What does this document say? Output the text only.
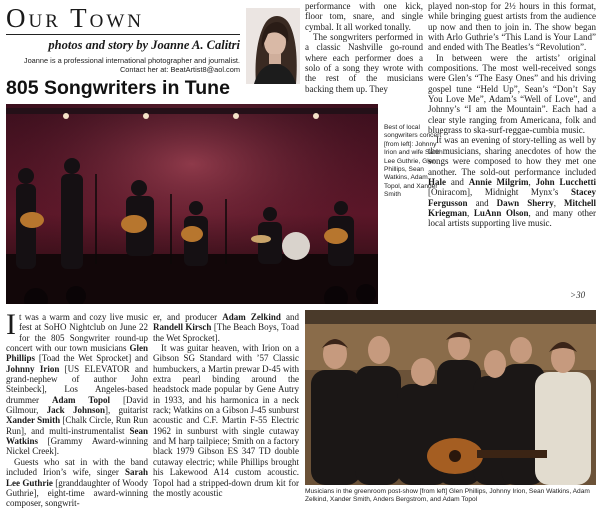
Our Town
photos and story by Joanne A. Calitri
Joanne is a professional international photographer and journalist.
Contact her at: BeatArtist8@aol.com
805 Songwriters in Tune

performance with one kick, floor tom, snare, and single cymbal. It all worked tonally.

The songwriters performed in a classic Nashville go-round where each performer does a solo of a song they wrote with the rest of the musicians backing them up. They

played non-stop for 2½ hours in this format, while bringing guest artists from the audience up now and then to join in. The show began with Arlo Guthrie’s “This Land is Your Land” and ended with The Beatles’s “Revolution”.

In between were the artists’ original compositions. The most well-received songs were Glen’s “The Easy Ones” and his driving gospel tune “Held Up”, Sean’s “Don’t Say You Love Me”, Adam’s “Well of Love”, and Johnny’s “I am the Mountain”. Each had a clear style ranging from Americana, folk and bluegrass to ska-surf-reggae-cumbia music.

It was an evening of story-telling as well by the musicians, sharing anecdotes of how the songs were composed to how they met one another. The sold-out performance included Hale and Annie Milgrim, John Lucchetti [Oniracom], Midnight Mynx’s Stacey Fergusson and Dawn Sherry, Mitchell Kriegman, LuAnn Olson, and many other local artists supporting live music.

>30
Best of local songwriters concert [from left]: Johnny Irion and wife Sarah Lee Guthrie, Glen Phillips, Sean Watkins, Adam Topol, and Xander Smith

It was a warm and cozy live music fest at SoHO Nightclub on June 22 for the 805 Songwriter round-up concert with our town musicians Glen Phillips [Toad the Wet Sprocket] and Johnny Irion [US ELEVATOR and grand-nephew of author John Steinbeck], Los Angeles-based drummer Adam Topol [David Gilmour, Jack Johnson], guitarist Xander Smith [Chalk Circle, Run Run Run], and multi-instrumentalist Sean Watkins [Grammy Award-winning Nickel Creek].

Guests who sat in with the band included Irion’s wife, singer Sarah Lee Guthrie [granddaughter of Woody Guthrie], eight-time award-winning composer, songwrit-

er, and producer Adam Zelkind and Randell Kirsch [The Beach Boys, Toad the Wet Sprocket].

It was guitar heaven, with Irion on a Gibson SG Standard with ’57 Classic humbuckers, a Martin prewar D-45 with extra pearl binding around the headstock made popular by Gene Autry in 1933, and his harmonica in a neck rack; Watkins on a Gibson J-45 sunburst acoustic and C.F. Martin F-55 Electric 1962 in sunburst with single cutaway and M harp tailpiece; Smith on a factory black 1979 Gibson ES 347 TD double cutaway electric; while Phillips brought his Lakewood A14 custom acoustic. Topol had a stripped-down drum kit for the mostly acoustic	Musicians in the greenroom post-show [from left] Glen Phillips, Johnny Irion, Sean Watkins, Adam Zelkind, Xander Smith, Anders Bergstrom, and Adam Topol
